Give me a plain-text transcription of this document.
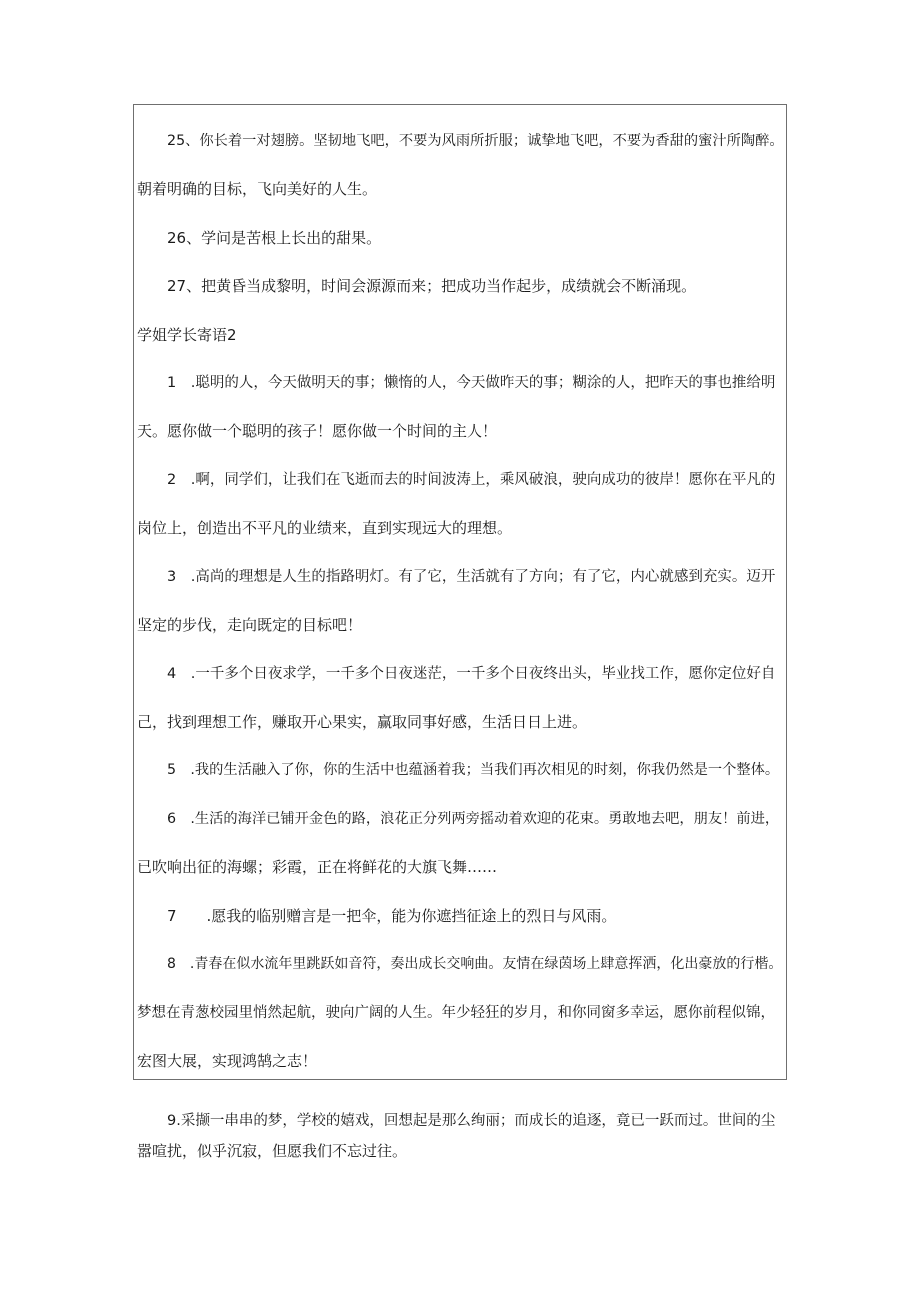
25、你长着一对翅膀。坚韧地飞吧，不要为风雨所折服；诚挚地飞吧，不要为香甜的蜜汁所陶醉。
朝着明确的目标，飞向美好的人生。
26、学问是苦根上长出的甜果。
27、把黄昏当成黎明，时间会源源而来；把成功当作起步，成绩就会不断涌现。
学姐学长寄语2
1 .聪明的人，今天做明天的事；懒惰的人，今天做昨天的事；糊涂的人，把昨天的事也推给明
天。愿你做一个聪明的孩子！愿你做一个时间的主人！
2 .啊，同学们，让我们在飞逝而去的时间波涛上，乘风破浪，驶向成功的彼岸！愿你在平凡的
岗位上，创造出不平凡的业绩来，直到实现远大的理想。
3 .高尚的理想是人生的指路明灯。有了它，生活就有了方向；有了它，内心就感到充实。迈开
坚定的步伐，走向既定的目标吧！
4 .一千多个日夜求学，一千多个日夜迷茫，一千多个日夜终出头，毕业找工作，愿你定位好自
己，找到理想工作，赚取开心果实，赢取同事好感，生活日日上进。
5 .我的生活融入了你，你的生活中也蕴涵着我；当我们再次相见的时刻，你我仍然是一个整体。
6 .生活的海洋已铺开金色的路，浪花正分列两旁摇动着欢迎的花束。勇敢地去吧，朋友！前进，
已吹响出征的海螺；彩霞，正在将鲜花的大旗飞舞……
7  .愿我的临别赠言是一把伞，能为你遮挡征途上的烈日与风雨。
8 .青春在似水流年里跳跃如音符，奏出成长交响曲。友情在绿茵场上肆意挥洒，化出豪放的行楷。
梦想在青葱校园里悄然起航，驶向广阔的人生。年少轻狂的岁月，和你同窗多幸运，愿你前程似锦，
宏图大展，实现鸿鹄之志！
9.采撷一串串的梦，学校的嬉戏，回想起是那么绚丽；而成长的追逐，竟已一跃而过。世间的尘
嚣喧扰，似乎沉寂，但愿我们不忘过往。
